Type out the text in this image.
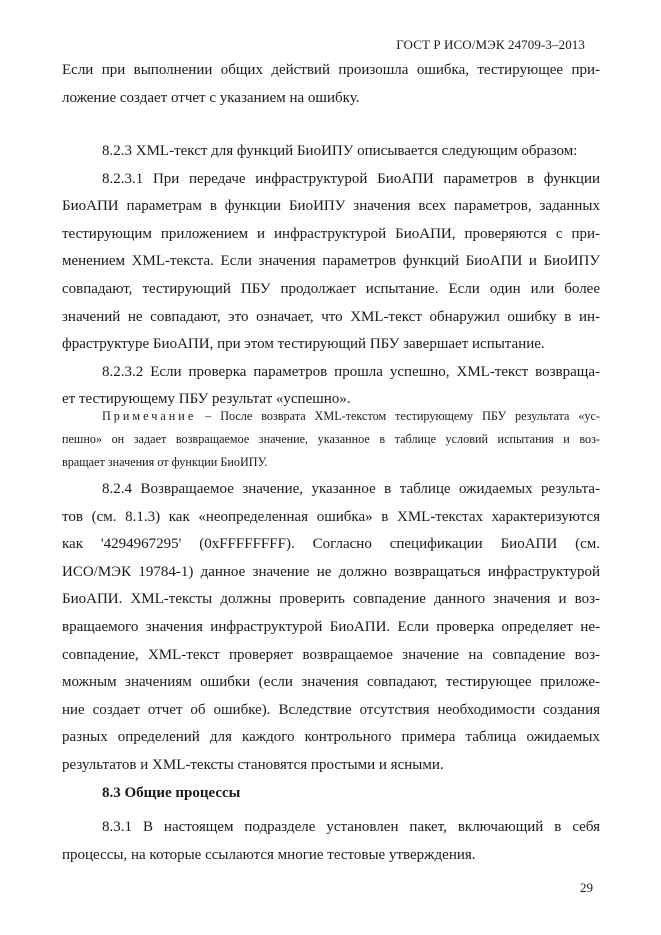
ГОСТ Р ИСО/МЭК 24709-3–2013
Если при выполнении общих действий произошла ошибка, тестирующее при-
ложение создает отчет с указанием на ошибку.
8.2.3 XML-текст для функций БиоИПУ описывается следующим образом:
8.2.3.1 При передаче инфраструктурой БиоАПИ параметров в функции
БиоАПИ параметрам в функции БиоИПУ значения всех параметров, заданных
тестирующим приложением и инфраструктурой БиоАПИ, проверяются с при-
менением XML-текста. Если значения параметров функций БиоАПИ и БиоИПУ
совпадают, тестирующий ПБУ продолжает испытание. Если один или более
значений не совпадают, это означает, что XML-текст обнаружил ошибку в ин-
фраструктуре БиоАПИ, при этом тестирующий ПБУ завершает испытание.
8.2.3.2 Если проверка параметров прошла успешно, XML-текст возвраща-
ет тестирующему ПБУ результат «успешно».
Примечание – После возврата XML-текстом тестирующему ПБУ результата «ус-
пешно» он задает возвращаемое значение, указанное в таблице условий испытания и воз-
вращает значения от функции БиоИПУ.
8.2.4 Возвращаемое значение, указанное в таблице ожидаемых результа-
тов (см. 8.1.3) как «неопределенная ошибка» в XML-текстах характеризуются
как '4294967295' (0xFFFFFFFF). Согласно спецификации БиоАПИ (см.
ИСО/МЭК 19784-1) данное значение не должно возвращаться инфраструктурой
БиоАПИ. XML-тексты должны проверить совпадение данного значения и воз-
вращаемого значения инфраструктурой БиоАПИ. Если проверка определяет не-
совпадение, XML-текст проверяет возвращаемое значение на совпадение воз-
можным значениям ошибки (если значения совпадают, тестирующее приложе-
ние создает отчет об ошибке). Вследствие отсутствия необходимости создания
разных определений для каждого контрольного примера таблица ожидаемых
результатов и XML-тексты становятся простыми и ясными.
8.3 Общие процессы
8.3.1 В настоящем подразделе установлен пакет, включающий в себя
процессы, на которые ссылаются многие тестовые утверждения.
29
